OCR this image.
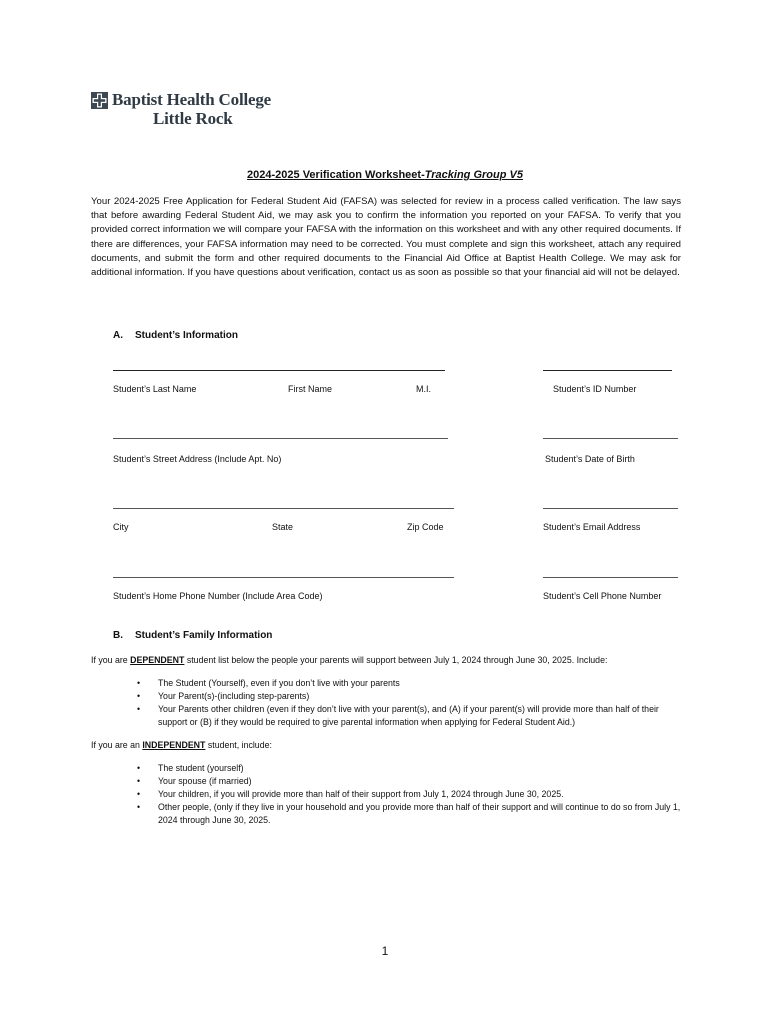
Baptist Health College
Little Rock
2024-2025 Verification Worksheet-Tracking Group V5
Your 2024-2025 Free Application for Federal Student Aid (FAFSA) was selected for review in a process called verification. The law says that before awarding Federal Student Aid, we may ask you to confirm the information you reported on your FAFSA. To verify that you provided correct information we will compare your FAFSA with the information on this worksheet and with any other required documents. If there are differences, your FAFSA information may need to be corrected. You must complete and sign this worksheet, attach any required documents, and submit the form and other required documents to the Financial Aid Office at Baptist Health College. We may ask for additional information. If you have questions about verification, contact us as soon as possible so that your financial aid will not be delayed.
A. Student’s Information
Student’s Last Name	First Name	M.I.	Student’s ID Number
Student’s Street Address (Include Apt. No)	Student’s Date of Birth
City	State	Zip Code	Student’s Email Address
Student’s Home Phone Number (Include Area Code)	Student’s Cell Phone Number
B. Student’s Family Information
If you are DEPENDENT student list below the people your parents will support between July 1, 2024 through June 30, 2025. Include:
• The Student (Yourself), even if you don’t live with your parents
• Your Parent(s)-(including step-parents)
• Your Parents other children (even if they don’t live with your parent(s), and (A) if your parent(s) will provide more than half of their support or (B) if they would be required to give parental information when applying for Federal Student Aid.)
If you are an INDEPENDENT student, include:
• The student (yourself)
• Your spouse (if married)
• Your children, if you will provide more than half of their support from July 1, 2024 through June 30, 2025.
• Other people, (only if they live in your household and you provide more than half of their support and will continue to do so from July 1, 2024 through June 30, 2025.
1
